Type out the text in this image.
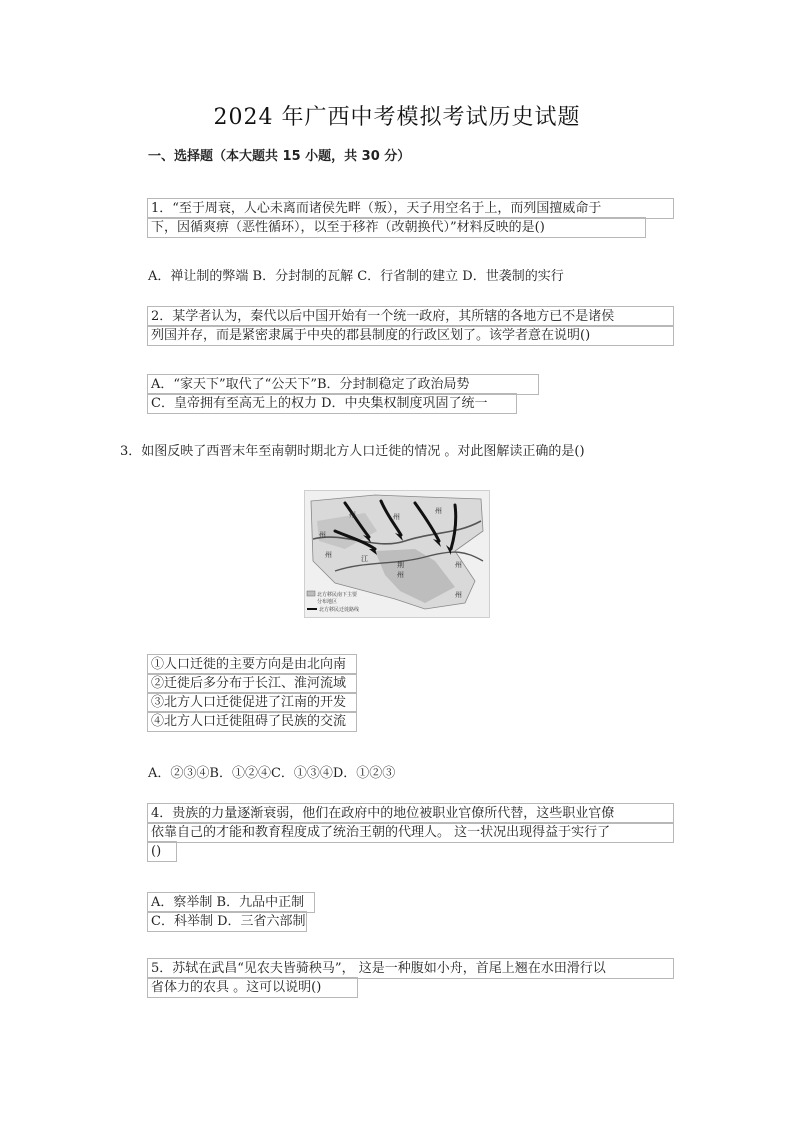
2024 年广西中考模拟考试历史试题
一、选择题（本大题共 15 小题，共 30 分）
1．“至于周衰，人心未离而诸侯先畔（叛），天子用空名于上，而列国擅威命于
下，因循爽痹（恶性循环），以至于移祚（改朝换代）”材料反映的是()
A．禅让制的弊端 B．分封制的瓦解 C．行省制的建立 D．世袭制的实行
2．某学者认为，秦代以后中国开始有一个统一政府，其所辖的各地方已不是诸侯
列国并存，而是紧密隶属于中央的郡县制度的行政区划了。该学者意在说明()
A．“家天下”取代了“公天下”B．分封制稳定了政治局势
C．皇帝拥有至高无上的权力 D．中央集权制度巩固了统一
3．如图反映了西晋末年至南朝时期北方人口迁徙的情况 。对此图解读正确的是()
州
州	州
州
江
州
荆
州
州
州
北方移民南下主要
分布地区
北方移民迁徙路线
①人口迁徙的主要方向是由北向南
②迁徙后多分布于长江、淮河流域
③北方人口迁徙促进了江南的开发
④北方人口迁徙阻碍了民族的交流
A．②③④B．①②④C．①③④D．①②③
4．贵族的力量逐渐衰弱，他们在政府中的地位被职业官僚所代替，这些职业官僚
依靠自己的才能和教育程度成了统治王朝的代理人。 这一状况出现得益于实行了
()
A．察举制 B．九品中正制
C．科举制 D．三省六部制
5．苏轼在武昌“见农夫皆骑秧马”， 这是一种腹如小舟，首尾上翘在水田滑行以
省体力的农具 。这可以说明()
